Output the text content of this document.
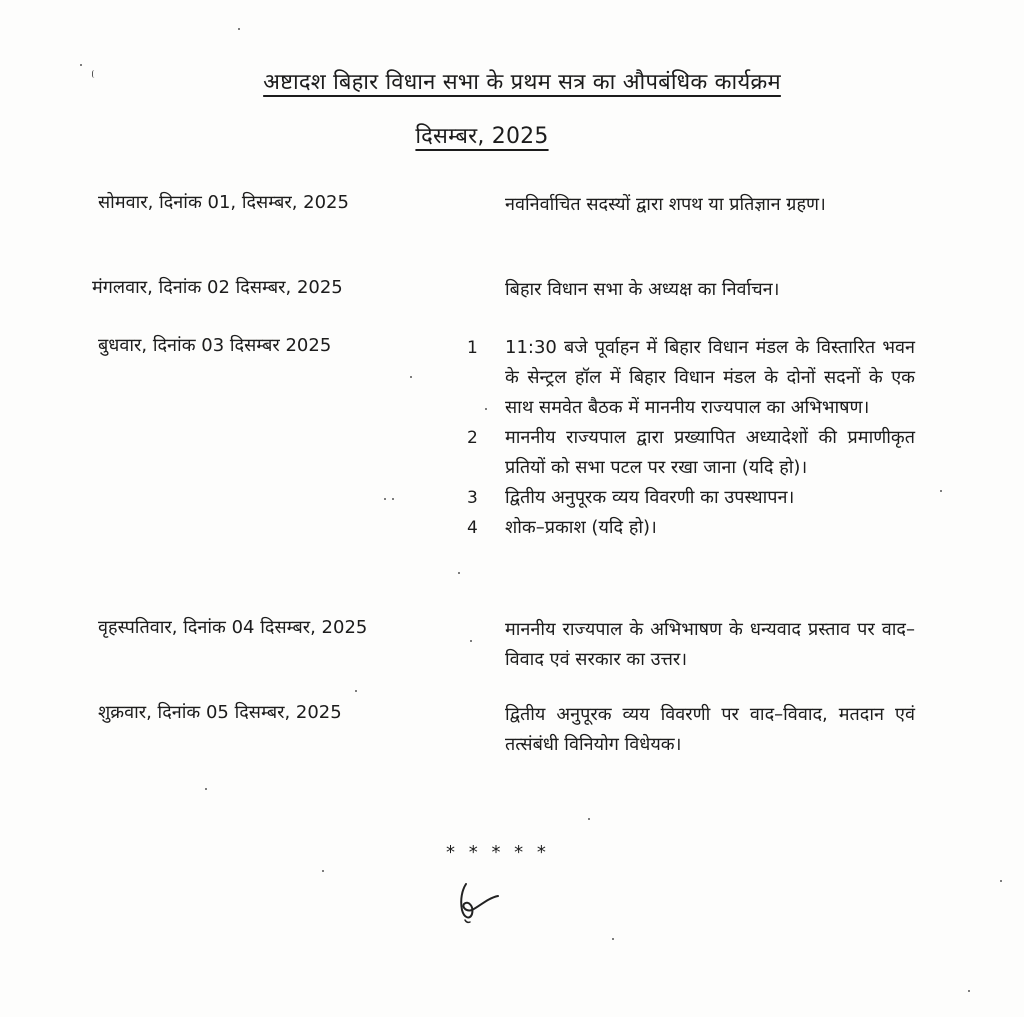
अष्टादश बिहार विधान सभा के प्रथम सत्र का औपबंधिक कार्यक्रम
दिसम्बर, 2025
सोमवार, दिनांक 01, दिसम्बर, 2025	नवनिर्वाचित सदस्यों द्वारा शपथ या प्रतिज्ञान ग्रहण।
मंगलवार, दिनांक 02 दिसम्बर, 2025	बिहार विधान सभा के अध्यक्ष का निर्वाचन।
बुधवार, दिनांक 03 दिसम्बर 2025	1	11:30 बजे पूर्वाहन में बिहार विधान मंडल के विस्तारित भवन के सेन्ट्रल हॉल में बिहार विधान मंडल के दोनों सदनों के एक साथ समवेत बैठक में माननीय राज्यपाल का अभिभाषण।
2	माननीय राज्यपाल द्वारा प्रख्यापित अध्यादेशों की प्रमाणीकृत प्रतियों को सभा पटल पर रखा जाना (यदि हो)।
3	द्वितीय अनुपूरक व्यय विवरणी का उपस्थापन।
4	शोक–प्रकाश (यदि हो)।
वृहस्पतिवार, दिनांक 04 दिसम्बर, 2025	माननीय राज्यपाल के अभिभाषण के धन्यवाद प्रस्ताव पर वाद–विवाद एवं सरकार का उत्तर।
शुक्रवार, दिनांक 05 दिसम्बर, 2025	द्वितीय अनुपूरक व्यय विवरणी पर वाद–विवाद, मतदान एवं तत्संबंधी विनियोग विधेयक।
* * * * *
